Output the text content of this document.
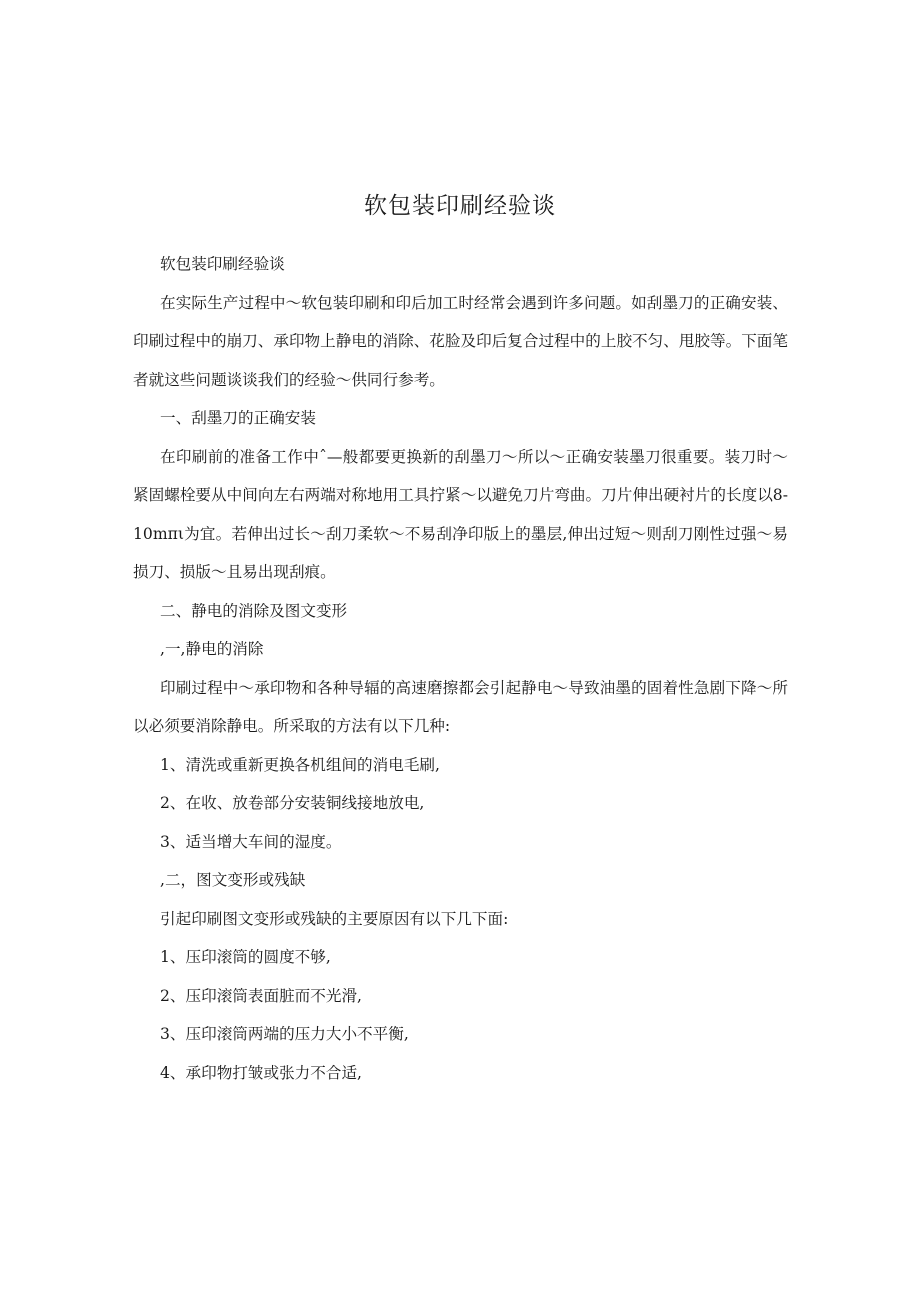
软包装印刷经验谈

软包装印刷经验谈

在实际生产过程中～软包装印刷和印后加工时经常会遇到许多问题。如刮墨刀的正确安装、印刷过程中的崩刀、承印物上静电的消除、花脸及印后复合过程中的上胶不匀、甩胶等。下面笔者就这些问题谈谈我们的经验～供同行参考。

一、刮墨刀的正确安装

在印刷前的准备工作中ˆ—般都要更换新的刮墨刀～所以～正确安装墨刀很重要。装刀时～紧固螺栓要从中间向左右两端对称地用工具拧紧～以避免刀片弯曲。刀片伸出硬衬片的长度以8-10mπι为宜。若伸出过长～刮刀柔软～不易刮净印版上的墨层,伸出过短～则刮刀刚性过强～易损刀、损版～且易出现刮痕。

二、静电的消除及图文变形

,一,静电的消除

印刷过程中～承印物和各种导辐的高速磨擦都会引起静电～导致油墨的固着性急剧下降～所以必须要消除静电。所采取的方法有以下几种:

1、清洗或重新更换各机组间的消电毛刷,

2、在收、放卷部分安装铜线接地放电,

3、适当增大车间的湿度。

,二，图文变形或残缺

引起印刷图文变形或残缺的主要原因有以下几下面:

1、压印滚筒的圆度不够,

2、压印滚筒表面脏而不光滑,

3、压印滚筒两端的压力大小不平衡,

4、承印物打皱或张力不合适,
